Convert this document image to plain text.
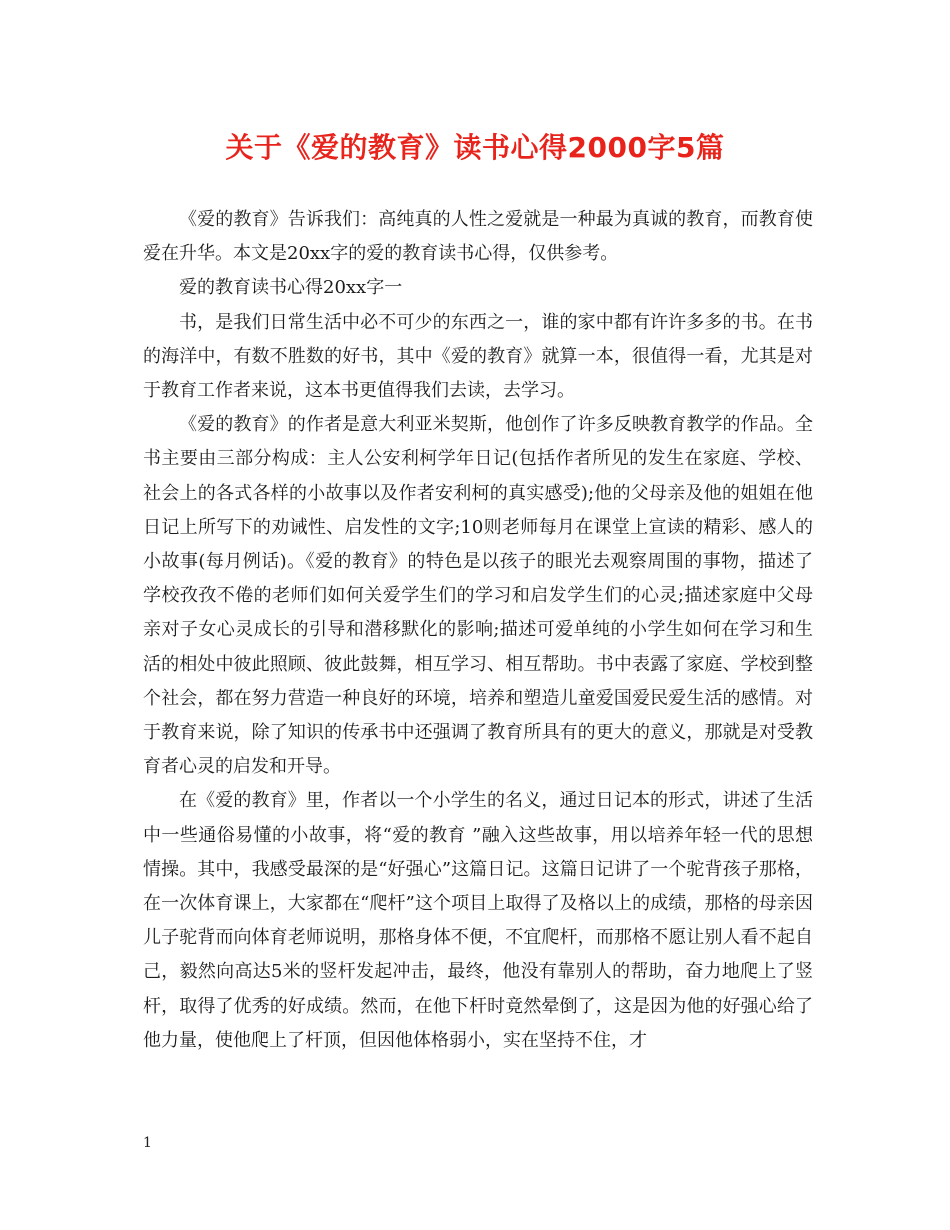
关于《爱的教育》读书心得2000字5篇

《爱的教育》告诉我们：高纯真的人性之爱就是一种最为真诚的教育，而教育使爱在升华。本文是20xx字的爱的教育读书心得，仅供参考。

爱的教育读书心得20xx字一

书，是我们日常生活中必不可少的东西之一，谁的家中都有许许多多的书。在书的海洋中，有数不胜数的好书，其中《爱的教育》就算一本，很值得一看，尤其是对于教育工作者来说，这本书更值得我们去读，去学习。

《爱的教育》的作者是意大利亚米契斯，他创作了许多反映教育教学的作品。全书主要由三部分构成：主人公安利柯学年日记(包括作者所见的发生在家庭、学校、社会上的各式各样的小故事以及作者安利柯的真实感受);他的父母亲及他的姐姐在他日记上所写下的劝诫性、启发性的文字;10则老师每月在课堂上宣读的精彩、感人的小故事(每月例话)。《爱的教育》的特色是以孩子的眼光去观察周围的事物，描述了学校孜孜不倦的老师们如何关爱学生们的学习和启发学生们的心灵;描述家庭中父母亲对子女心灵成长的引导和潜移默化的影响;描述可爱单纯的小学生如何在学习和生活的相处中彼此照顾、彼此鼓舞，相互学习、相互帮助。书中表露了家庭、学校到整个社会，都在努力营造一种良好的环境，培养和塑造儿童爱国爱民爱生活的感情。对于教育来说，除了知识的传承书中还强调了教育所具有的更大的意义，那就是对受教育者心灵的启发和开导。

在《爱的教育》里，作者以一个小学生的名义，通过日记本的形式，讲述了生活中一些通俗易懂的小故事，将“爱的教育 ”融入这些故事，用以培养年轻一代的思想情操。其中，我感受最深的是“好强心”这篇日记。这篇日记讲了一个驼背孩子那格，在一次体育课上，大家都在“爬杆”这个项目上取得了及格以上的成绩，那格的母亲因儿子驼背而向体育老师说明，那格身体不便，不宜爬杆，而那格不愿让别人看不起自己，毅然向高达5米的竖杆发起冲击，最终，他没有靠别人的帮助，奋力地爬上了竖杆，取得了优秀的好成绩。然而，在他下杆时竟然晕倒了，这是因为他的好强心给了他力量，使他爬上了杆顶，但因他体格弱小，实在坚持不住，才

1
